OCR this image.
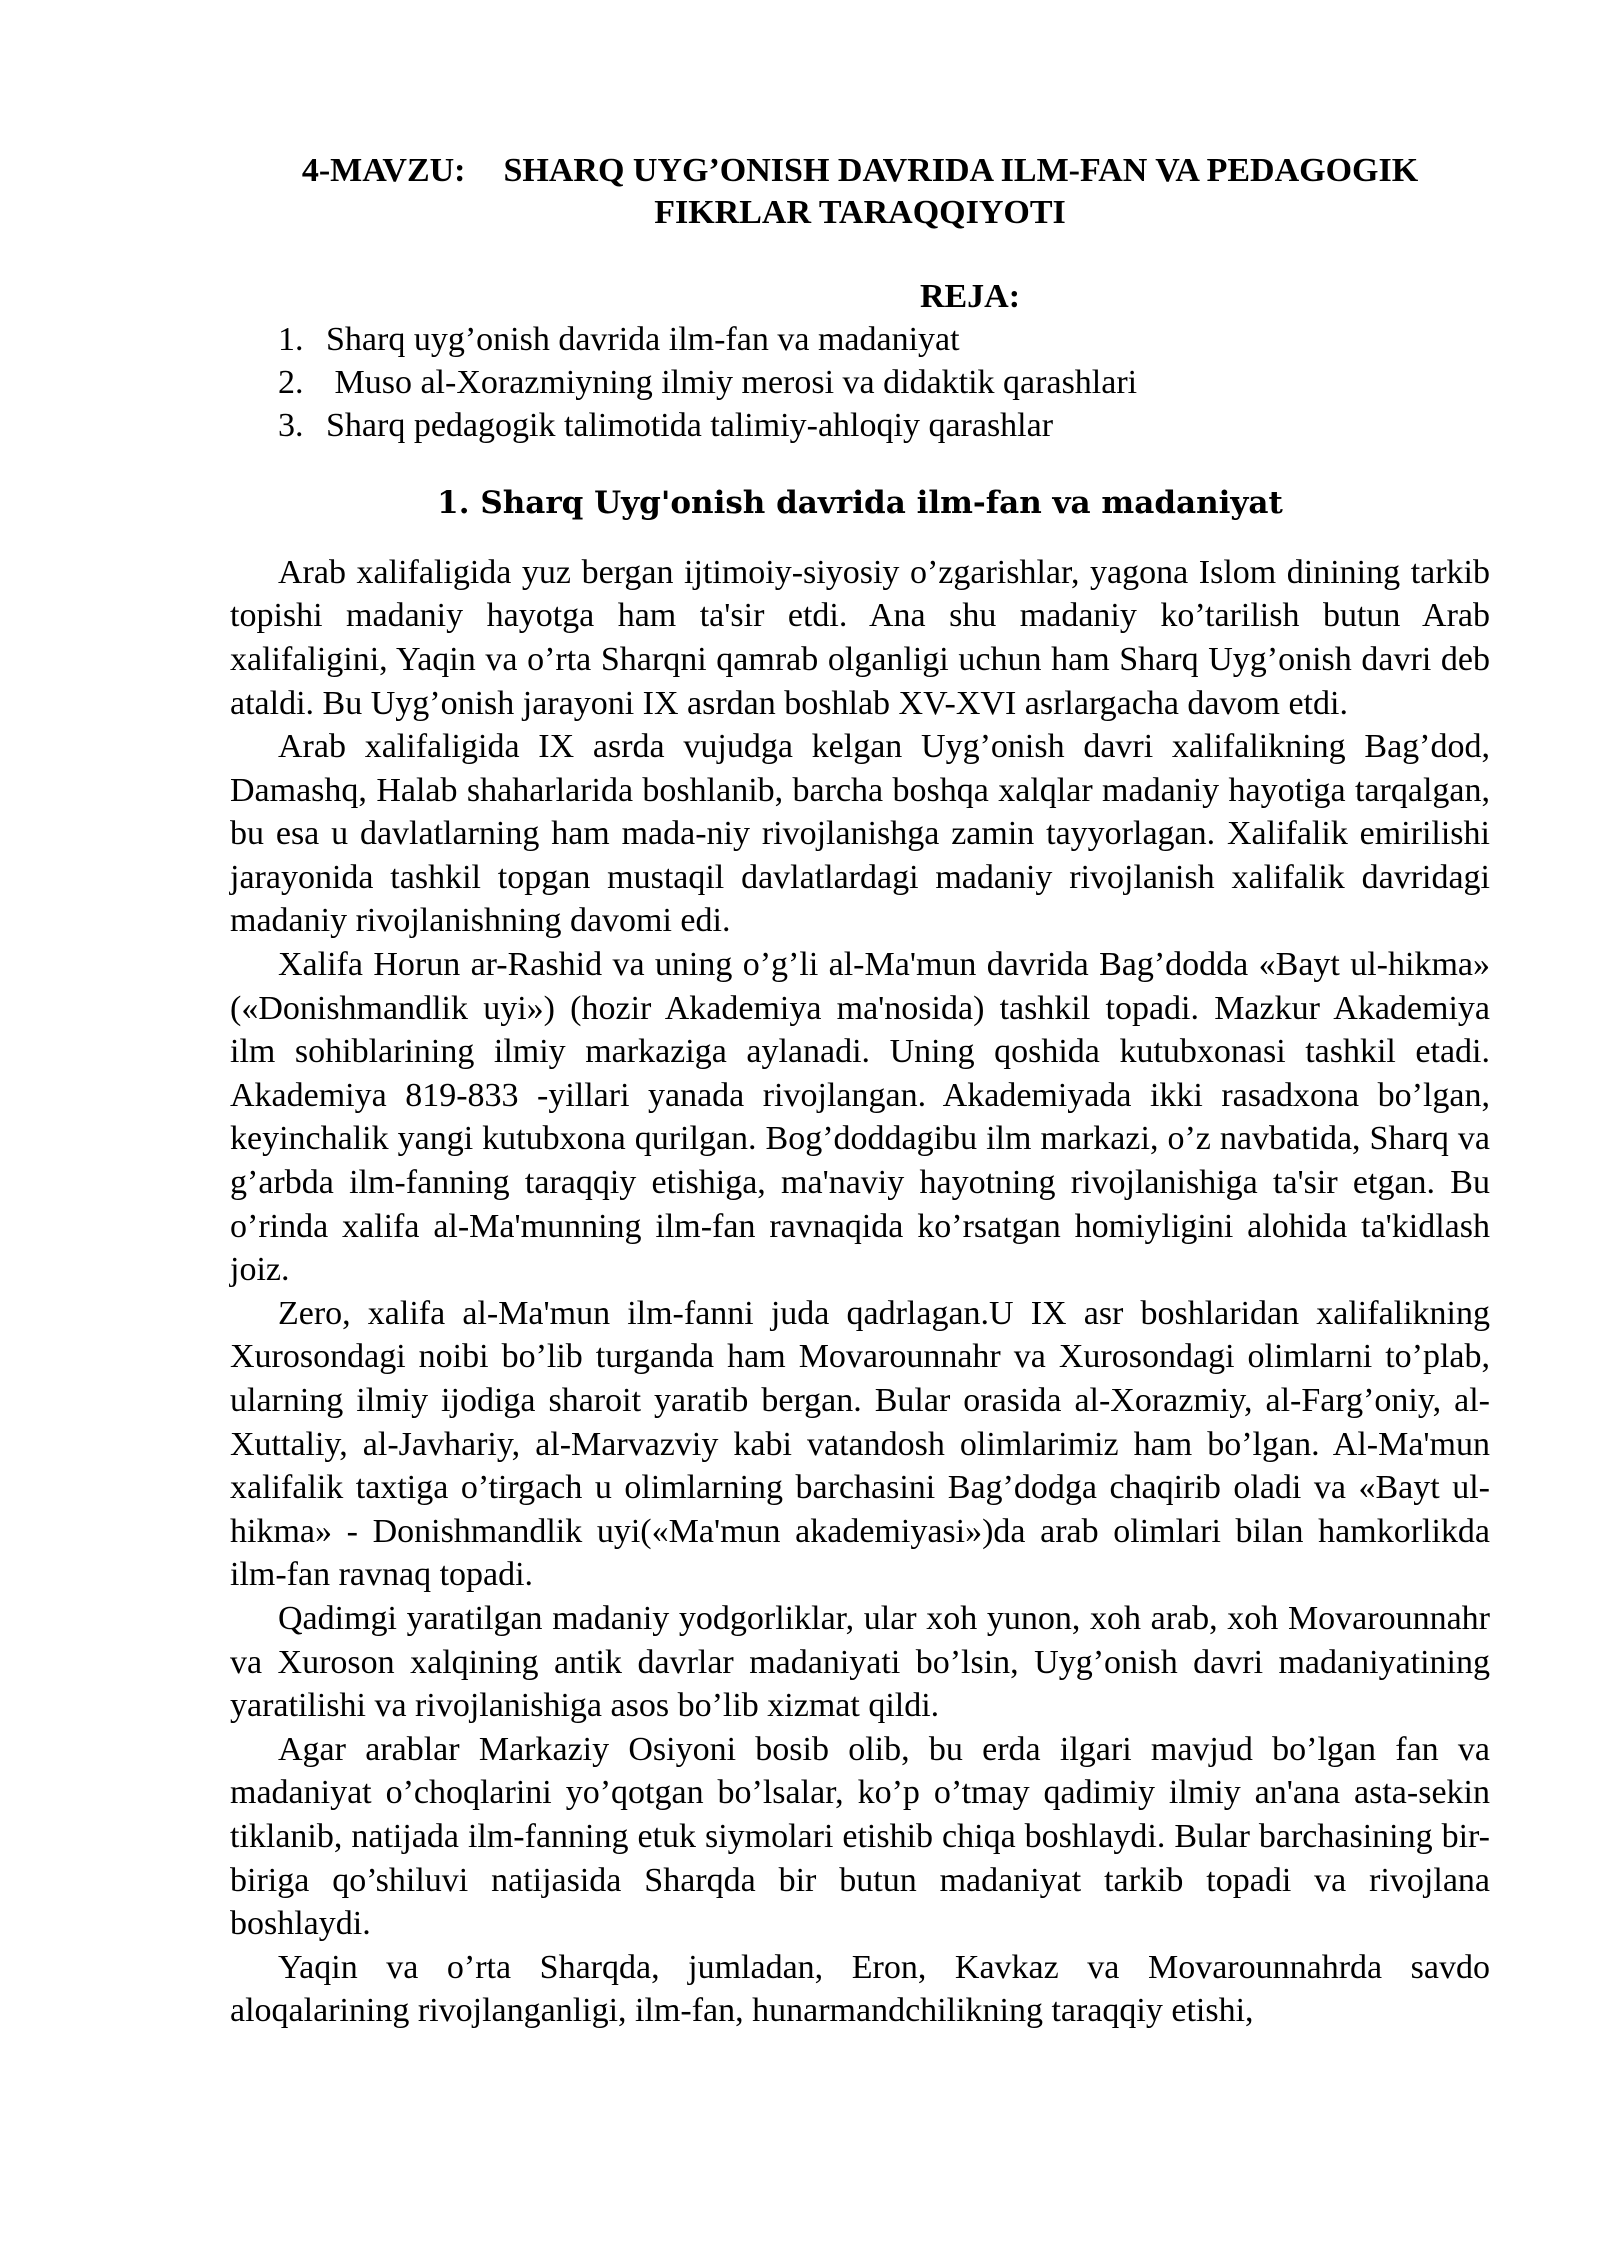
4-MAVZU: SHARQ UYG’ONISH DAVRIDA ILM-FAN VA PEDAGOGIK
FIKRLAR TARAQQIYOTI
REJA:
1. Sharq uyg’onish davrida ilm-fan va madaniyat
2. Muso al-Xorazmiyning ilmiy merosi va didaktik qarashlari
3. Sharq pedagogik talimotida talimiy-ahloqiy qarashlar
1. Sharq Uyg'onish davrida ilm-fan va madaniyat

Arab xalifaligida yuz bergan ijtimoiy-siyosiy o’zgarishlar, yagona Islom dinining tarkib topishi madaniy hayotga ham ta'sir etdi. Ana shu madaniy ko’tarilish butun Arab xalifaligini, Yaqin va o’rta Sharqni qamrab olganligi uchun ham Sharq Uyg’onish davri deb ataldi. Bu Uyg’onish jarayoni IX asrdan boshlab XV-XVI asrlargacha davom etdi.

Arab xalifaligida IX asrda vujudga kelgan Uyg’onish davri xalifalikning Bag’dod, Damashq, Halab shaharlarida boshlanib, barcha boshqa xalqlar madaniy hayotiga tarqalgan, bu esa u davlatlarning ham mada-niy rivojlanishga zamin tayyorlagan. Xalifalik emirilishi jarayonida tashkil topgan mustaqil davlatlardagi madaniy rivojlanish xalifalik davridagi madaniy rivojlanishning davomi edi.

Xalifa Horun ar-Rashid va uning o’g’li al-Ma'mun davrida Bag’dodda «Bayt ul-hikma» («Donishmandlik uyi») (hozir Akademiya ma'nosida) tashkil topadi. Mazkur Akademiya ilm sohiblarining ilmiy markaziga aylanadi. Uning qoshida kutubxonasi tashkil etadi. Akademiya 819-833 -yillari yanada rivojlangan. Akademiyada ikki rasadxona bo’lgan, keyinchalik yangi kutubxona qurilgan. Bog’doddagibu ilm markazi, o’z navbatida, Sharq va g’arbda ilm-fanning taraqqiy etishiga, ma'naviy hayotning rivojlanishiga ta'sir etgan. Bu o’rinda xalifa al-Ma'munning ilm-fan ravnaqida ko’rsatgan homiyligini alohida ta'kidlash joiz.

Zero, xalifa al-Ma'mun ilm-fanni juda qadrlagan.U IX asr boshlaridan xalifalikning Xurosondagi noibi bo’lib turganda ham Movarounnahr va Xurosondagi olimlarni to’plab, ularning ilmiy ijodiga sharoit yaratib bergan. Bular orasida al-Xorazmiy, al-Farg’oniy, al-Xuttaliy, al-Javhariy, al-Marvazviy kabi vatandosh olimlarimiz ham bo’lgan. Al-Ma'mun xalifalik taxtiga o’tirgach u olimlarning barchasini Bag’dodga chaqirib oladi va «Bayt ul-hikma» - Donishmandlik uyi(«Ma'mun akademiyasi»)da arab olimlari bilan hamkorlikda ilm-fan ravnaq topadi.

Qadimgi yaratilgan madaniy yodgorliklar, ular xoh yunon, xoh arab, xoh Movarounnahr va Xuroson xalqining antik davrlar madaniyati bo’lsin, Uyg’onish davri madaniyatining yaratilishi va rivojlanishiga asos bo’lib xizmat qildi.

Agar arablar Markaziy Osiyoni bosib olib, bu erda ilgari mavjud bo’lgan fan va madaniyat o’choqlarini yo’qotgan bo’lsalar, ko’p o’tmay qadimiy ilmiy an'ana asta-sekin tiklanib, natijada ilm-fanning etuk siymolari etishib chiqa boshlaydi. Bular barchasining bir-biriga qo’shiluvi natijasida Sharqda bir butun madaniyat tarkib topadi va rivojlana boshlaydi.

Yaqin va o’rta Sharqda, jumladan, Eron, Kavkaz va Movarounnahrda savdo aloqalarining rivojlanganligi, ilm-fan, hunarmandchilikning taraqqiy etishi,
